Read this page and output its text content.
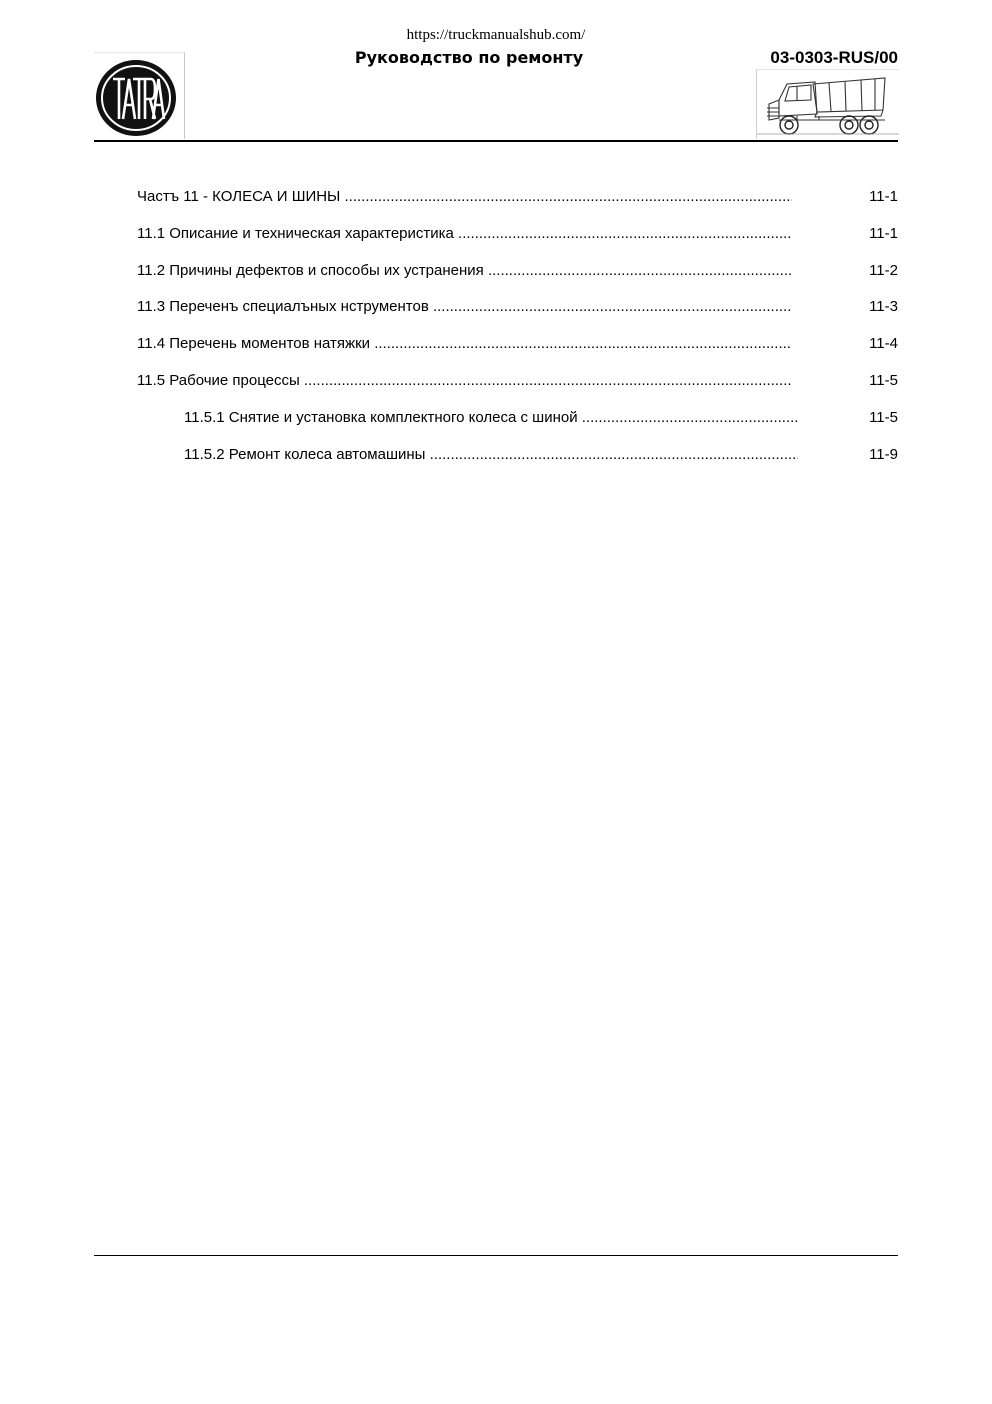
https://truckmanualshub.com/
Руководство по ремонту	03-0303-RUS/00
Частъ 11 - КОЛЕСА И ШИНЫ .....	11-1
11.1 Описание и техническая характеристика .....	11-1
11.2 Причины дефектов и способы их устранения .....	11-2
11.3 Переченъ специалъных нструментов .....	11-3
11.4 Перечень моментов натяжки .....	11-4
11.5 Рабочие процессы .....	11-5
11.5.1 Снятие и установка комплектного колеса с шиной .....	11-5
11.5.2 Ремонт колеса автомашины .....	11-9
